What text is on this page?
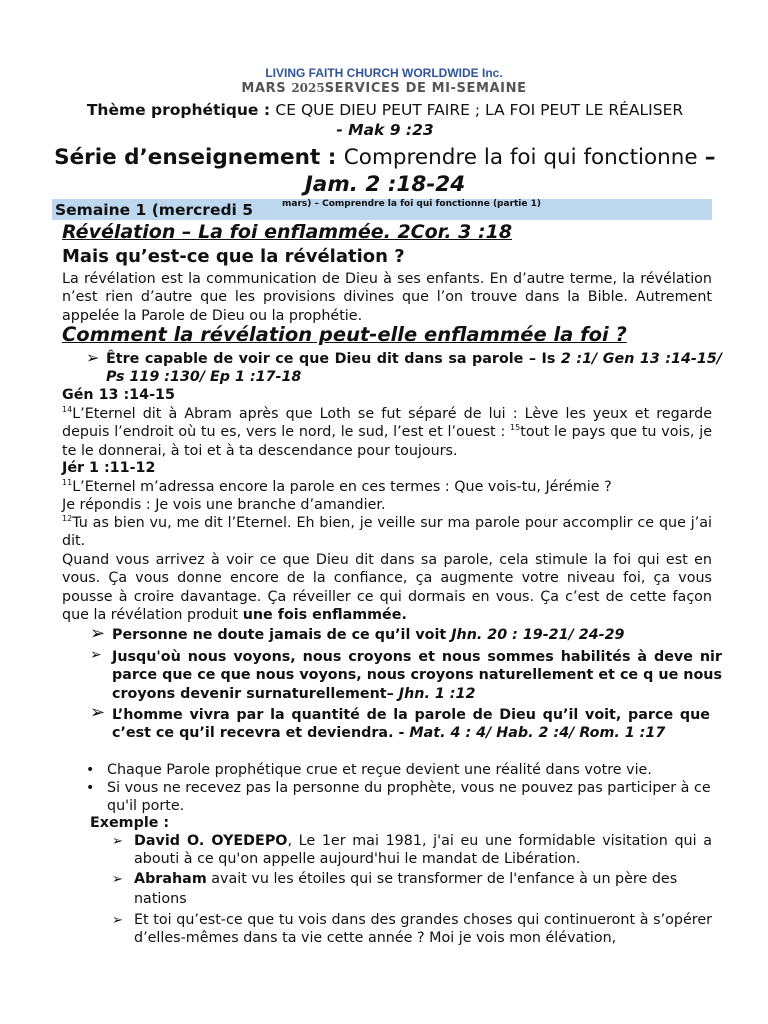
LIVING FAITH CHURCH WORLDWIDE Inc.
MARS 2025SERVICES DE MI-SEMAINE
Thème prophétique : CE QUE DIEU PEUT FAIRE ; LA FOI PEUT LE RÉALISER
- Mak 9 :23
Série d’enseignement : Comprendre la foi qui fonctionne – Jam. 2 :18-24
Semaine 1 (mercredi 5	mars) – Comprendre la foi qui fonctionne (partie 1)
Révélation – La foi enflammée. 2Cor. 3 :18
Mais qu’est-ce que la révélation ?
La révélation est la communication de Dieu à ses enfants. En d’autre terme, la révélation n’est rien d’autre que les provisions divines que l’on trouve dans la Bible. Autrement appelée la Parole de Dieu ou la prophétie.
Comment la révélation peut-elle enflammée la foi ?
➢ Être capable de voir ce que Dieu dit dans sa parole – Is 2 :1/ Gen 13 :14-15/ Ps 119 :130/ Ep 1 :17-18
Gén 13 :14-15
$^{14}$L’Eternel dit à Abram après que Loth se fut séparé de lui : Lève les yeux et regarde depuis l’endroit où tu es, vers le nord, le sud, l’est et l’ouest : $^{15}$tout le pays que tu vois, je te le donnerai, à toi et à ta descendance pour toujours.
Jér 1 :11-12
$^{11}$L’Eternel m’adressa encore la parole en ces termes : Que vois-tu, Jérémie ?
Je répondis : Je vois une branche d’amandier.
$^{12}$Tu as bien vu, me dit l’Eternel. Eh bien, je veille sur ma parole pour accomplir ce que j’ai dit.
Quand vous arrivez à voir ce que Dieu dit dans sa parole, cela stimule la foi qui est en vous. Ça vous donne encore de la confiance, ça augmente votre niveau foi, ça vous pousse à croire davantage. Ça réveiller ce qui dormais en vous. Ça c’est de cette façon que la révélation produit une fois enflammée.
➢ Personne ne doute jamais de ce qu’il voit Jhn. 20 : 19-21/ 24-29
➢ Jusqu'où nous voyons, nous croyons et nous sommes habilités à deve nir parce que ce que nous voyons, nous croyons naturellement et ce q ue nous croyons devenir surnaturellement– Jhn. 1 :12
➢ L’homme vivra par la quantité de la parole de Dieu qu’il voit, parce que c’est ce qu’il recevra et deviendra. - Mat. 4 : 4/ Hab. 2 :4/ Rom. 1 :17
• Chaque Parole prophétique crue et reçue devient une réalité dans votre vie.
• Si vous ne recevez pas la personne du prophète, vous ne pouvez pas participer à ce qu'il porte.
Exemple :
➢ David O. OYEDEPO, Le 1er mai 1981, j'ai eu une formidable visitation qui a abouti à ce qu'on appelle aujourd'hui le mandat de Libération.
➢ Abraham avait vu les étoiles qui se transformer de l'enfance à un père des nations
➢ Et toi qu’est-ce que tu vois dans des grandes choses qui continueront à s’opérer d’elles-mêmes dans ta vie cette année ? Moi je vois mon élévation,
